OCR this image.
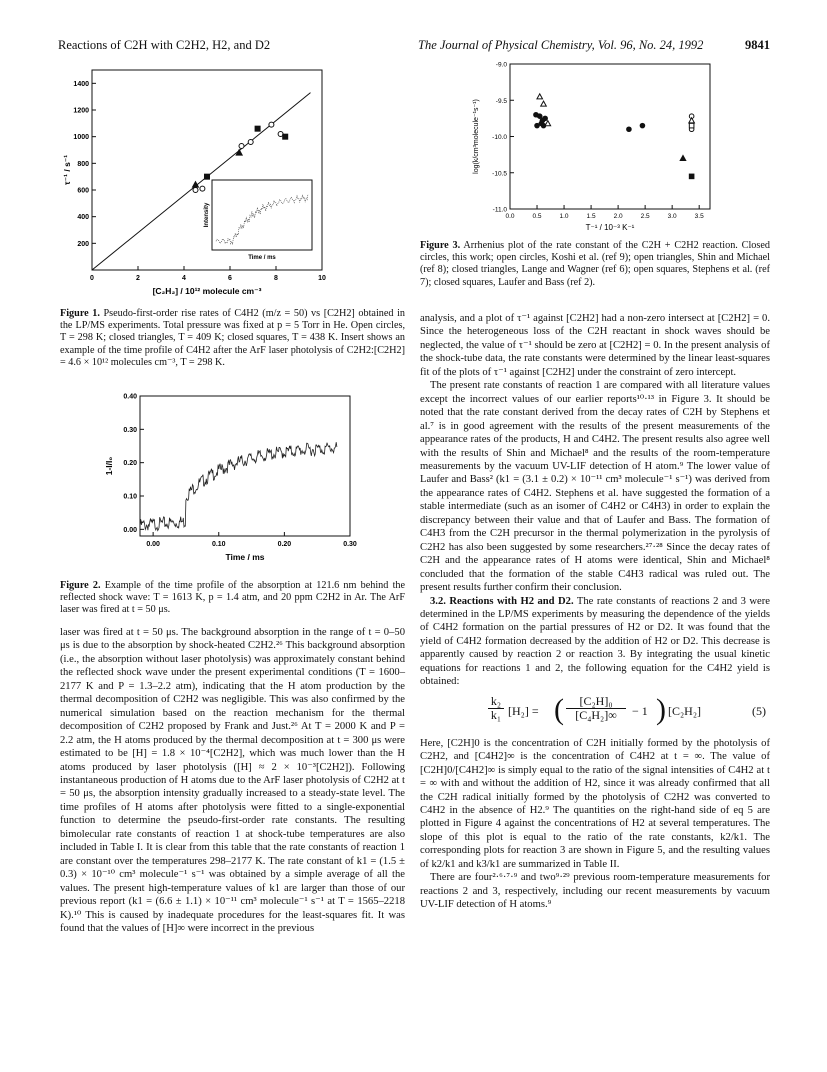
Reactions of C2H with C2H2, H2, and D2	The Journal of Physical Chemistry, Vol. 96, No. 24, 1992	9841
0	2	4	6	8	10
200
400
600
800
1000
1200
1400
[C₂H₂] / 10¹² molecule cm⁻³
τ⁻¹ / s⁻¹
Time / ms
Intensity
Figure 1. Pseudo-first-order rise rates of C4H2 (m/z = 50) vs [C2H2] obtained in the LP/MS experiments. Total pressure was fixed at p = 5 Torr in He. Open circles, T = 298 K; closed triangles, T = 409 K; closed squares, T = 438 K. Insert shows an example of the time profile of C4H2 after the ArF laser photolysis of C2H2:[C2H2] = 4.6 × 10¹² molecules cm⁻³, T = 298 K.
0.00	0.10	0.20	0.30
0.00
0.10
0.20
0.30
0.40
Time / ms
1-I/I₀
Figure 2. Example of the time profile of the absorption at 121.6 nm behind the reflected shock wave: T = 1613 K, p = 1.4 atm, and 20 ppm C2H2 in Ar. The ArF laser was fired at t = 50 μs.

laser was fired at t = 50 μs. The background absorption in the range of t = 0–50 μs is due to the absorption by shock-heated C2H2.²⁶ This background absorption (i.e., the absorption without laser photolysis) was approximately constant behind the reflected shock wave under the present experimental conditions (T = 1600–2177 K and P = 1.3–2.2 atm), indicating that the H atom production by the thermal decomposition of C2H2 was negligible. This was also confirmed by the numerical simulation based on the reaction mechanism for the thermal decomposition of C2H2 proposed by Frank and Just.²⁶ At T = 2000 K and P = 2.2 atm, the H atoms produced by the thermal decomposition at t = 300 μs were estimated to be [H] = 1.8 × 10⁻⁴[C2H2], which was much lower than the H atoms produced by laser photolysis ([H] ≈ 2 × 10⁻³[C2H2]). Following instantaneous production of H atoms due to the ArF laser photolysis of C2H2 at t = 50 μs, the absorption intensity gradually increased to a steady-state level. The time profiles of H atoms after photolysis were fitted to a single-exponential function to determine the pseudo-first-order rate constants. The resulting bimolecular rate constants of reaction 1 at shock-tube temperatures are also included in Table I. It is clear from this table that the rate constants of reaction 1 are constant over the temperatures 298–2177 K. The rate constant of k1 = (1.5 ± 0.3) × 10⁻¹⁰ cm³ molecule⁻¹ s⁻¹ was obtained by a simple average of all the values. The present high-temperature values of k1 are larger than those of our previous report (k1 = (6.6 ± 1.1) × 10⁻¹¹ cm³ molecule⁻¹ s⁻¹ at T = 1565–2218 K).¹⁰ This is caused by inadequate procedures for the least-squares fit. It was found that the values of [H]∞ were incorrect in the previous

0.0	0.5	1.0	1.5	2.0	2.5	3.0	3.5
-9.0
-9.5
-10.0
-10.5
-11.0
T⁻¹ / 10⁻³ K⁻¹
log(k/cm³molecule⁻¹s⁻¹)
Figure 3. Arrhenius plot of the rate constant of the C2H + C2H2 reaction. Closed circles, this work; open circles, Koshi et al. (ref 9); open triangles, Shin and Michael (ref 8); closed triangles, Lange and Wagner (ref 6); open squares, Stephens et al. (ref 7); closed squares, Laufer and Bass (ref 2).

analysis, and a plot of τ⁻¹ against [C2H2] had a non-zero intersect at [C2H2] = 0. Since the heterogeneous loss of the C2H reactant in shock waves should be neglected, the value of τ⁻¹ should be zero at [C2H2] = 0. In the present analysis of the shock-tube data, the rate constants were determined by the linear least-squares fit of the plots of τ⁻¹ against [C2H2] under the constraint of zero intercept.

The present rate constants of reaction 1 are compared with all literature values except the incorrect values of our earlier reports¹⁰·¹³ in Figure 3. It should be noted that the rate constant derived from the decay rates of C2H by Stephens et al.⁷ is in good agreement with the results of the present measurements of the appearance rates of the products, H and C4H2. The present results also agree well with the results of Shin and Michael⁸ and the results of the room-temperature measurements by the vacuum UV-LIF detection of H atom.⁹ The lower value of Laufer and Bass² (k1 = (3.1 ± 0.2) × 10⁻¹¹ cm³ molecule⁻¹ s⁻¹) was derived from the appearance rates of C4H2. Stephens et al. have suggested the formation of a stable intermediate (such as an isomer of C4H2 or C4H3) in order to explain the discrepancy between their value and that of Laufer and Bass. The formation of C4H3 from the C2H precursor in the thermal polymerization in the pyrolysis of C2H2 has also been suggested by some researchers.²⁷·²⁸ Since the decay rates of C2H and the appearance rates of H atoms were identical, Shin and Michael⁸ concluded that the formation of the stable C4H3 radical was ruled out. The present results further confirm their conclusion.

3.2. Reactions with H2 and D2. The rate constants of reactions 2 and 3 were determined in the LP/MS experiments by measuring the dependence of the yields of C4H2 formation on the partial pressures of H2 or D2. It was found that the yield of C4H2 formation decreased by the addition of H2 or D2. This decrease is apparently caused by reaction 2 or reaction 3. By integrating the usual kinetic equations for reactions 1 and 2, the following equation for the C4H2 yield is obtained:

$\frac{\text{k₂}}{\text{k₁}} [H_2]$ = ( $\frac{\text{[C₂H]₀}}{\text{[C₄H₂]∞}} - 1$ ) [C₂H₂]	(5)

Here, [C2H]0 is the concentration of C2H initially formed by the photolysis of C2H2, and [C4H2]∞ is the concentration of C4H2 at t = ∞. The value of [C2H]0/[C4H2]∞ is simply equal to the ratio of the signal intensities of C4H2 at t = ∞ with and without the addition of H2, since it was already confirmed that all the C2H radical initially formed by the photolysis of C2H2 was converted to C4H2 in the absence of H2.⁹ The quantities on the right-hand side of eq 5 are plotted in Figure 4 against the concentrations of H2 at several temperatures. The slope of this plot is equal to the ratio of the rate constants, k2/k1. The corresponding plots for reaction 3 are shown in Figure 5, and the resulting values of k2/k1 and k3/k1 are summarized in Table II.

There are four²·⁶·⁷·⁹ and two⁹·²⁹ previous room-temperature measurements for reactions 2 and 3, respectively, including our recent measurements by vacuum UV-LIF detection of H atoms.⁹
